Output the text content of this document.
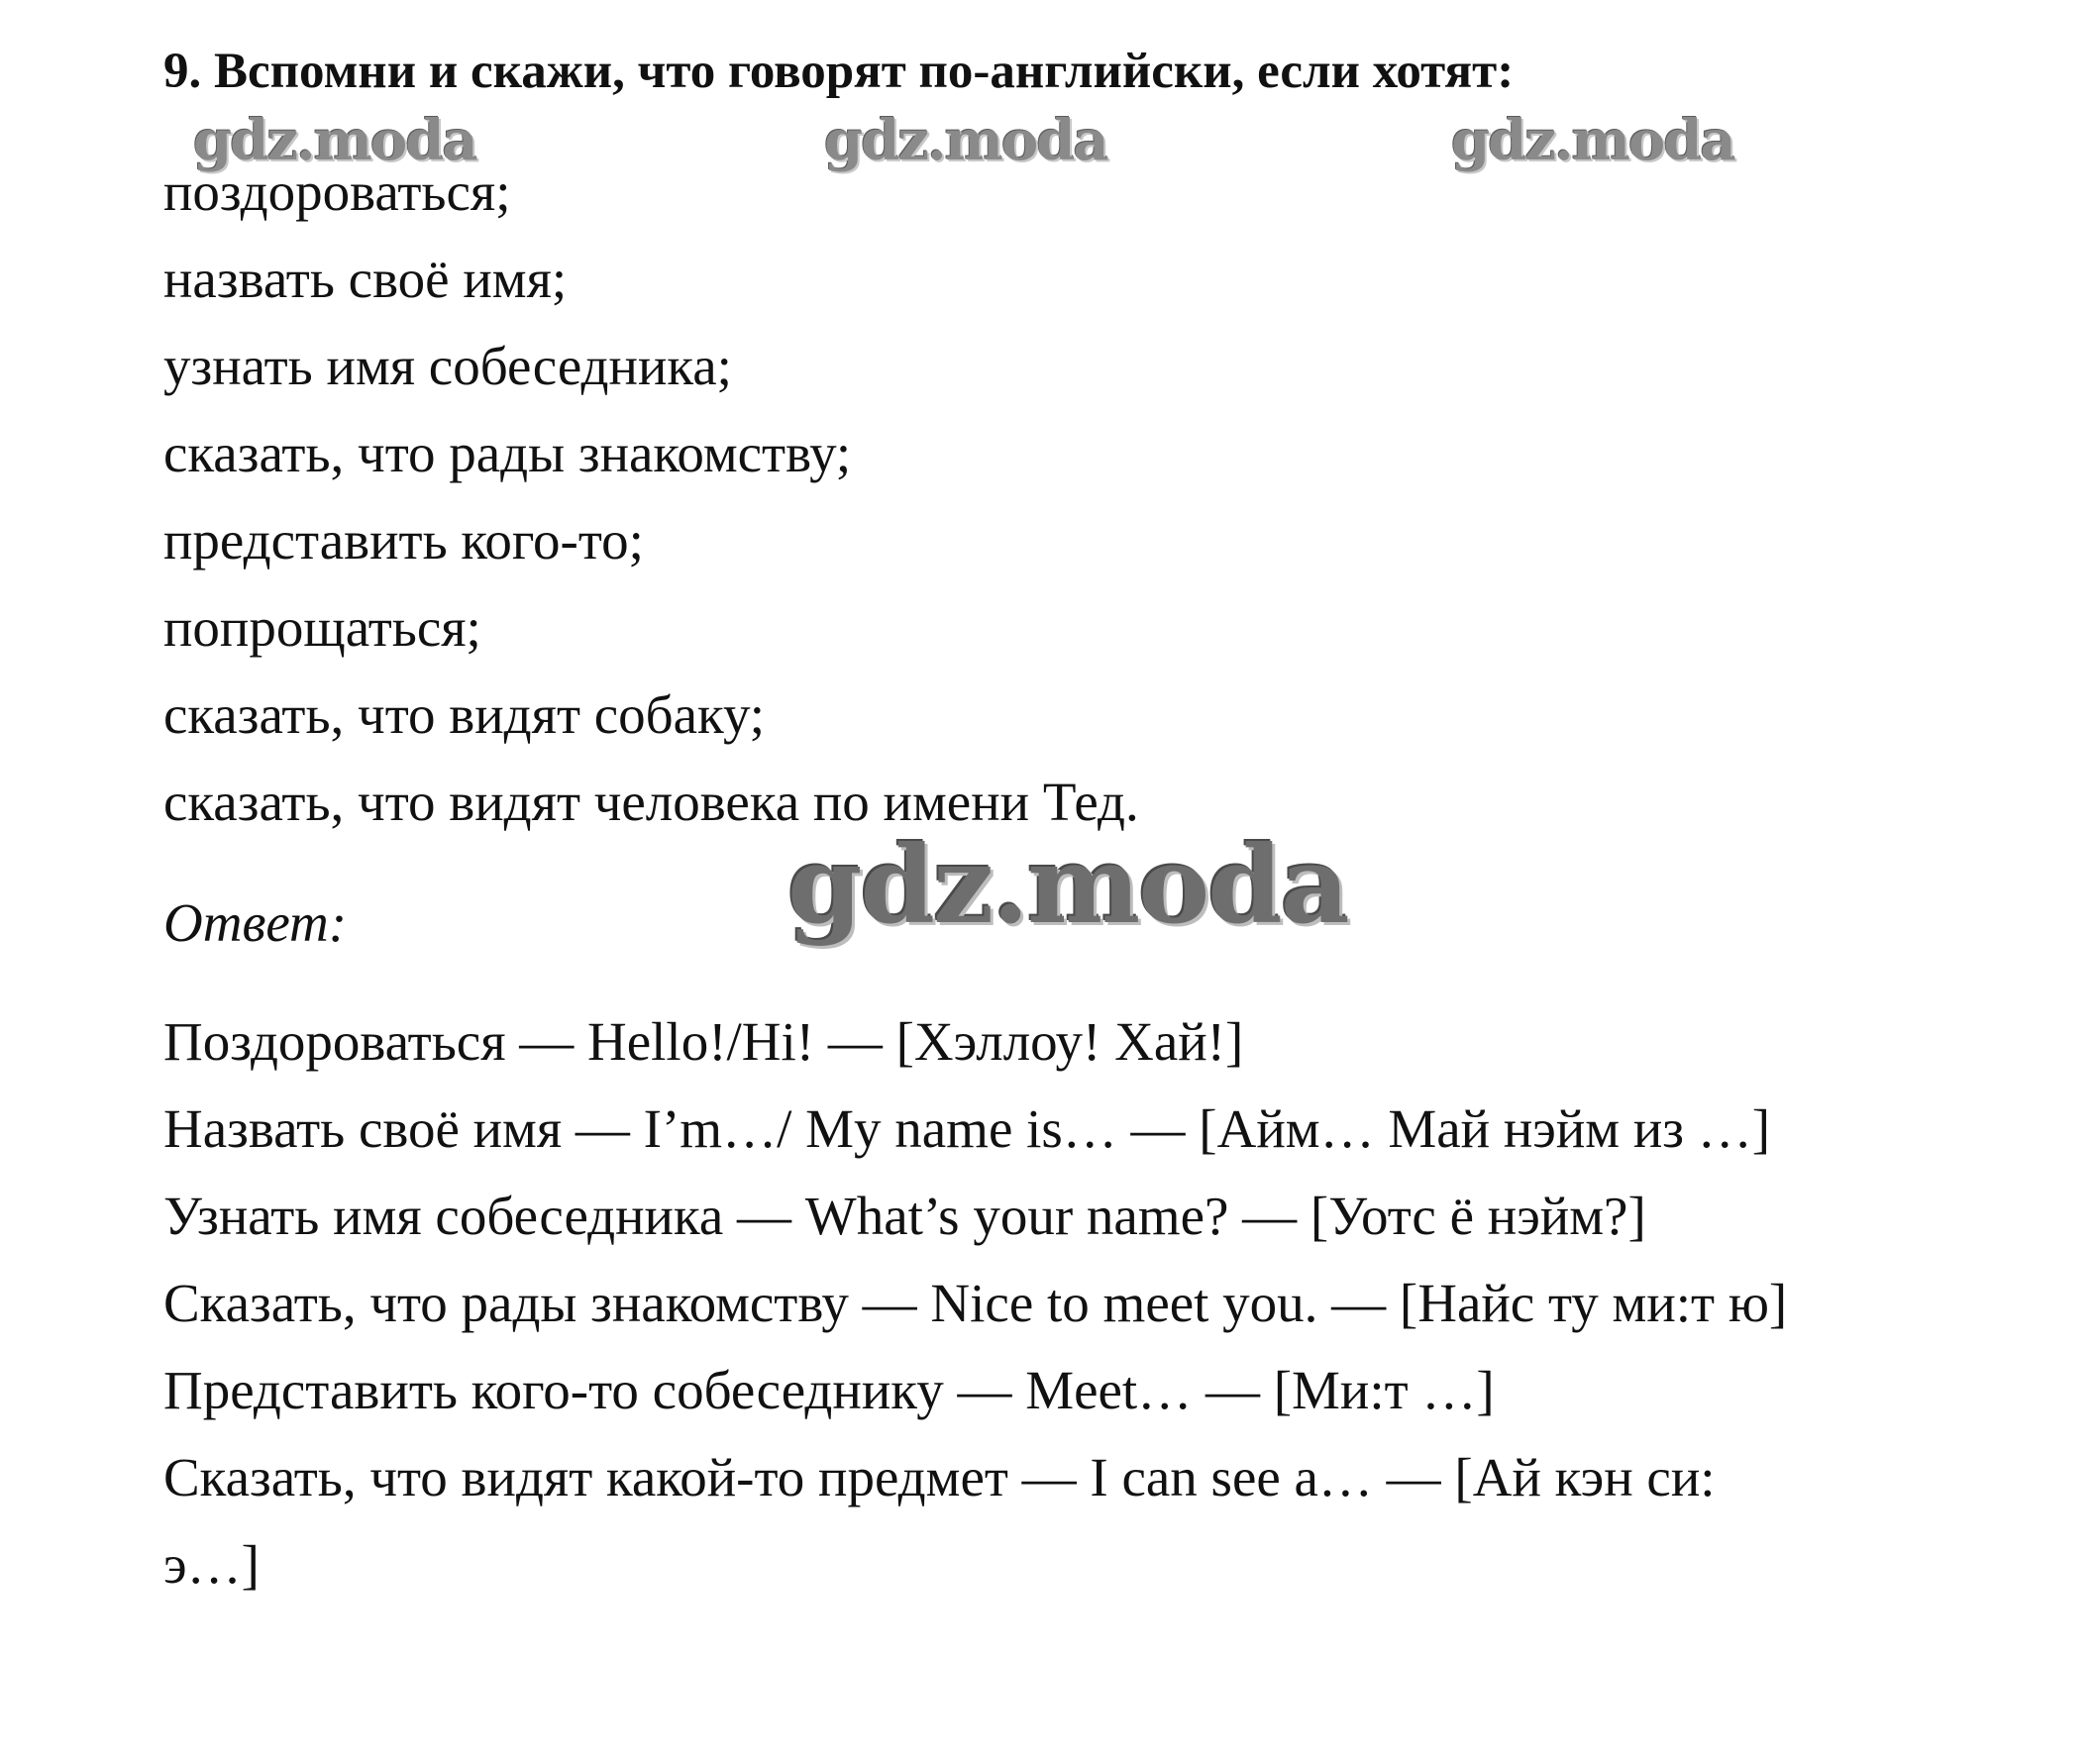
9. Вспомни и скажи, что говорят по-английски, если хотят:
gdz.moda	gdz.moda	gdz.moda

поздороваться;

назвать своё имя;

узнать имя собеседника;

сказать, что рады знакомству;

представить кого-то;

попрощаться;

сказать, что видят собаку;

сказать, что видят человека по имени Тед.

gdz.moda

Ответ:

Поздороваться — Hello!/Hi! — [Хэллоу! Хай!]

Назвать своё имя — I’m…/ My name is… — [Айм… Май нэйм из …]

Узнать имя собеседника — What’s your name? — [Уотс ё нэйм?]

Сказать, что рады знакомству — Nice to meet you. — [Найс ту ми:т ю]

Представить кого-то собеседнику — Meet… — [Ми:т …]

Сказать, что видят какой-то предмет — I can see a… — [Ай кэн си:

э…]
